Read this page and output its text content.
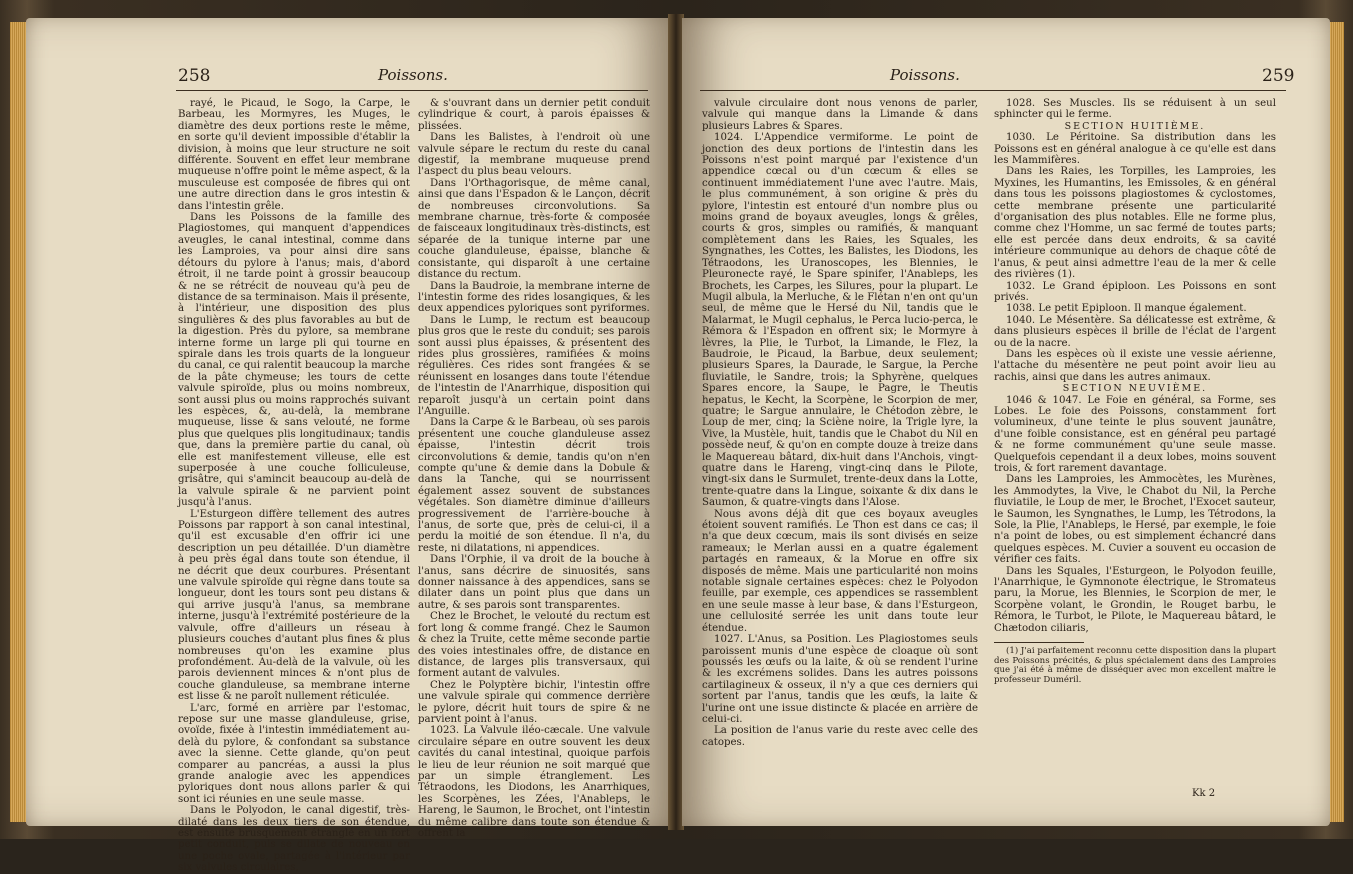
258	Poissons.

rayé, le Picaud, le Sogo, la Carpe, le Barbeau, les Mormyres, les Muges, le diamètre des deux portions reste le même, en sorte qu'il devient impossible d'établir la division, à moins que leur structure ne soit différente. Souvent en effet leur membrane muqueuse n'offre point le même aspect, & la musculeuse est composée de fibres qui ont une autre direction dans le gros intestin & dans l'intestin grêle.

Dans les Poissons de la famille des Plagiostomes, qui manquent d'appendices aveugles, le canal intestinal, comme dans les Lamproies, va pour ainsi dire sans détours du pylore à l'anus; mais, d'abord étroit, il ne tarde point à grossir beaucoup & ne se rétrécit de nouveau qu'à peu de distance de sa terminaison. Mais il présente, à l'intérieur, une disposition des plus singulières & des plus favorables au but de la digestion. Près du pylore, sa membrane interne forme un large pli qui tourne en spirale dans les trois quarts de la longueur du canal, ce qui ralentit beaucoup la marche de la pâte chymeuse; les tours de cette valvule spiroïde, plus ou moins nombreux, sont aussi plus ou moins rapprochés suivant les espèces, &, au-delà, la membrane muqueuse, lisse & sans velouté, ne forme plus que quelques plis longitudinaux; tandis que, dans la première partie du canal, où elle est manifestement villeuse, elle est superposée à une couche folliculeuse, grisâtre, qui s'amincit beaucoup au-delà de la valvule spirale & ne parvient point jusqu'à l'anus.

L'Esturgeon diffère tellement des autres Poissons par rapport à son canal intestinal, qu'il est excusable d'en offrir ici une description un peu détaillée. D'un diamètre à peu près égal dans toute son étendue, il ne décrit que deux courbures. Présentant une valvule spiroïde qui règne dans toute sa longueur, dont les tours sont peu distans & qui arrive jusqu'à l'anus, sa membrane interne, jusqu'à l'extrémité postérieure de la valvule, offre d'ailleurs un réseau à plusieurs couches d'autant plus fines & plus nombreuses qu'on les examine plus profondément. Au-delà de la valvule, où les parois deviennent minces & n'ont plus de couche glanduleuse, sa membrane interne est lisse & ne paroît nullement réticulée.

L'arc, formé en arrière par l'estomac, repose sur une masse glanduleuse, grise, ovoïde, fixée à l'intestin immédiatement au-delà du pylore, & confondant sa substance avec la sienne. Cette glande, qu'on peut comparer au pancréas, a aussi la plus grande analogie avec les appendices pyloriques dont nous allons parler & qui sont ici réunies en une seule masse.

Dans le Polyodon, le canal digestif, très-dilaté dans les deux tiers de son étendue, est ensuite brusquement étranglé en un fort petit conduit, puis se dilate de nouveau en une poche ovale, partagée à l'intérieur par six valvules circulaires,

& s'ouvrant dans un dernier petit conduit cylindrique & court, à parois épaisses & plissées.

Dans les Balistes, à l'endroit où une valvule sépare le rectum du reste du canal digestif, la membrane muqueuse prend l'aspect du plus beau velours.

Dans l'Orthagorisque, de même canal, ainsi que dans l'Espadon & le Lançon, décrit de nombreuses circonvolutions. Sa membrane charnue, très-forte & composée de faisceaux longitudinaux très-distincts, est séparée de la tunique interne par une couche glanduleuse, épaisse, blanche & consistante, qui disparoît à une certaine distance du rectum.

Dans la Baudroie, la membrane interne de l'intestin forme des rides losangiques, & les deux appendices pyloriques sont pyriformes.

Dans le Lump, le rectum est beaucoup plus gros que le reste du conduit; ses parois sont aussi plus épaisses, & présentent des rides plus grossières, ramifiées & moins régulières. Ces rides sont frangées & se réunissent en losanges dans toute l'étendue de l'intestin de l'Anarrhique, disposition qui reparoît jusqu'à un certain point dans l'Anguille.

Dans la Carpe & le Barbeau, où ses parois présentent une couche glanduleuse assez épaisse, l'intestin décrit trois circonvolutions & demie, tandis qu'on n'en compte qu'une & demie dans la Dobule & dans la Tanche, qui se nourrissent également assez souvent de substances végétales. Son diamètre diminue d'ailleurs progressivement de l'arrière-bouche à l'anus, de sorte que, près de celui-ci, il a perdu la moitié de son étendue. Il n'a, du reste, ni dilatations, ni appendices.

Dans l'Orphie, il va droit de la bouche à l'anus, sans décrire de sinuosités, sans donner naissance à des appendices, sans se dilater dans un point plus que dans un autre, & ses parois sont transparentes.

Chez le Brochet, le velouté du rectum est fort long & comme frangé. Chez le Saumon & chez la Truite, cette même seconde partie des voies intestinales offre, de distance en distance, de larges plis transversaux, qui forment autant de valvules.

Chez le Polyptère bichir, l'intestin offre une valvule spirale qui commence derrière le pylore, décrit huit tours de spire & ne parvient point à l'anus.

1023. La Valvule iléo-cæcale. Une valvule circulaire sépare en outre souvent les deux cavités du canal intestinal, quoique parfois le lieu de leur réunion ne soit marqué que par un simple étranglement. Les Tétraodons, les Diodons, les Anarrhiques, les Scorpènes, les Zées, l'Anableps, le Hareng, le Saumon, le Brochet, ont l'intestin du même calibre dans toute son étendue & offrent la

Poissons.	259

valvule circulaire dont nous venons de parler, valvule qui manque dans la Limande & dans plusieurs Labres & Spares.

1024. L'Appendice vermiforme. Le point de jonction des deux portions de l'intestin dans les Poissons n'est point marqué par l'existence d'un appendice cœcal ou d'un cœcum & elles se continuent immédiatement l'une avec l'autre. Mais, le plus communément, à son origine & près du pylore, l'intestin est entouré d'un nombre plus ou moins grand de boyaux aveugles, longs & grêles, courts & gros, simples ou ramifiés, & manquant complètement dans les Raies, les Squales, les Syngnathes, les Cottes, les Balistes, les Diodons, les Tétraodons, les Uranoscopes, les Blennies, le Pleuronecte rayé, le Spare spinifer, l'Anableps, les Brochets, les Carpes, les Silures, pour la plupart. Le Mugil albula, la Merluche, & le Flétan n'en ont qu'un seul, de même que le Hersé du Nil, tandis que le Malarmat, le Mugil cephalus, le Perca lucio-perca, le Rémora & l'Espadon en offrent six; le Mormyre à lèvres, la Plie, le Turbot, la Limande, le Flez, la Baudroie, le Picaud, la Barbue, deux seulement; plusieurs Spares, la Daurade, le Sargue, la Perche fluviatile, le Sandre, trois; la Sphyrène, quelques Spares encore, la Saupe, le Pagre, le Theutis hepatus, le Kecht, la Scorpène, le Scorpion de mer, quatre; le Sargue annulaire, le Chétodon zèbre, le Loup de mer, cinq; la Sciène noire, la Trigle lyre, la Vive, la Mustèle, huit, tandis que le Chabot du Nil en possède neuf, & qu'on en compte douze à treize dans le Maquereau bâtard, dix-huit dans l'Anchois, vingt-quatre dans le Hareng, vingt-cinq dans le Pilote, vingt-six dans le Surmulet, trente-deux dans la Lotte, trente-quatre dans la Lingue, soixante & dix dans le Saumon, & quatre-vingts dans l'Alose.

Nous avons déjà dit que ces boyaux aveugles étoient souvent ramifiés. Le Thon est dans ce cas; il n'a que deux cœcum, mais ils sont divisés en seize rameaux; le Merlan aussi en a quatre également partagés en rameaux, & la Morue en offre six disposés de même. Mais une particularité non moins notable signale certaines espèces: chez le Polyodon feuille, par exemple, ces appendices se rassemblent en une seule masse à leur base, & dans l'Esturgeon, une cellulosité serrée les unit dans toute leur étendue.

1027. L'Anus, sa Position. Les Plagiostomes seuls paroissent munis d'une espèce de cloaque où sont poussés les œufs ou la laite, & où se rendent l'urine & les excrémens solides. Dans les autres poissons cartilagineux & osseux, il n'y a que ces derniers qui sortent par l'anus, tandis que les œufs, la laite & l'urine ont une issue distincte & placée en arrière de celui-ci.

La position de l'anus varie du reste avec celle des catopes.

1028. Ses Muscles. Ils se réduisent à un seul sphincter qui le ferme.

SECTION HUITIÈME.

1030. Le Péritoine. Sa distribution dans les Poissons est en général analogue à ce qu'elle est dans les Mammifères.

Dans les Raies, les Torpilles, les Lamproies, les Myxines, les Humantins, les Emissoles, & en général dans tous les poissons plagiostomes & cyclostomes, cette membrane présente une particularité d'organisation des plus notables. Elle ne forme plus, comme chez l'Homme, un sac fermé de toutes parts; elle est percée dans deux endroits, & sa cavité intérieure communique au dehors de chaque côté de l'anus, & peut ainsi admettre l'eau de la mer & celle des rivières (1).

1032. Le Grand épiploon. Les Poissons en sont privés.

1038. Le petit Epiploon. Il manque également.

1040. Le Mésentère. Sa délicatesse est extrême, & dans plusieurs espèces il brille de l'éclat de l'argent ou de la nacre.

Dans les espèces où il existe une vessie aérienne, l'attache du mésentère ne peut point avoir lieu au rachis, ainsi que dans les autres animaux.

SECTION NEUVIÈME.

1046 & 1047. Le Foie en général, sa Forme, ses Lobes. Le foie des Poissons, constamment fort volumineux, d'une teinte le plus souvent jaunâtre, d'une foible consistance, est en général peu partagé & ne forme communément qu'une seule masse. Quelquefois cependant il a deux lobes, moins souvent trois, & fort rarement davantage.

Dans les Lamproies, les Ammocètes, les Murènes, les Ammodytes, la Vive, le Chabot du Nil, la Perche fluviatile, le Loup de mer, le Brochet, l'Exocet sauteur, le Saumon, les Syngnathes, le Lump, les Tétrodons, la Sole, la Plie, l'Anableps, le Hersé, par exemple, le foie n'a point de lobes, ou est simplement échancré dans quelques espèces. M. Cuvier a souvent eu occasion de vérifier ces faits.

Dans les Squales, l'Esturgeon, le Polyodon feuille, l'Anarrhique, le Gymnonote électrique, le Stromateus paru, la Morue, les Blennies, le Scorpion de mer, le Scorpène volant, le Grondin, le Rouget barbu, le Rémora, le Turbot, le Pilote, le Maquereau bâtard, le Chætodon ciliaris,

(1) J'ai parfaitement reconnu cette disposition dans la plupart des Poissons précités, & plus spécialement dans des Lamproies que j'ai été à même de disséquer avec mon excellent maître le professeur Duméril.

Kk 2
